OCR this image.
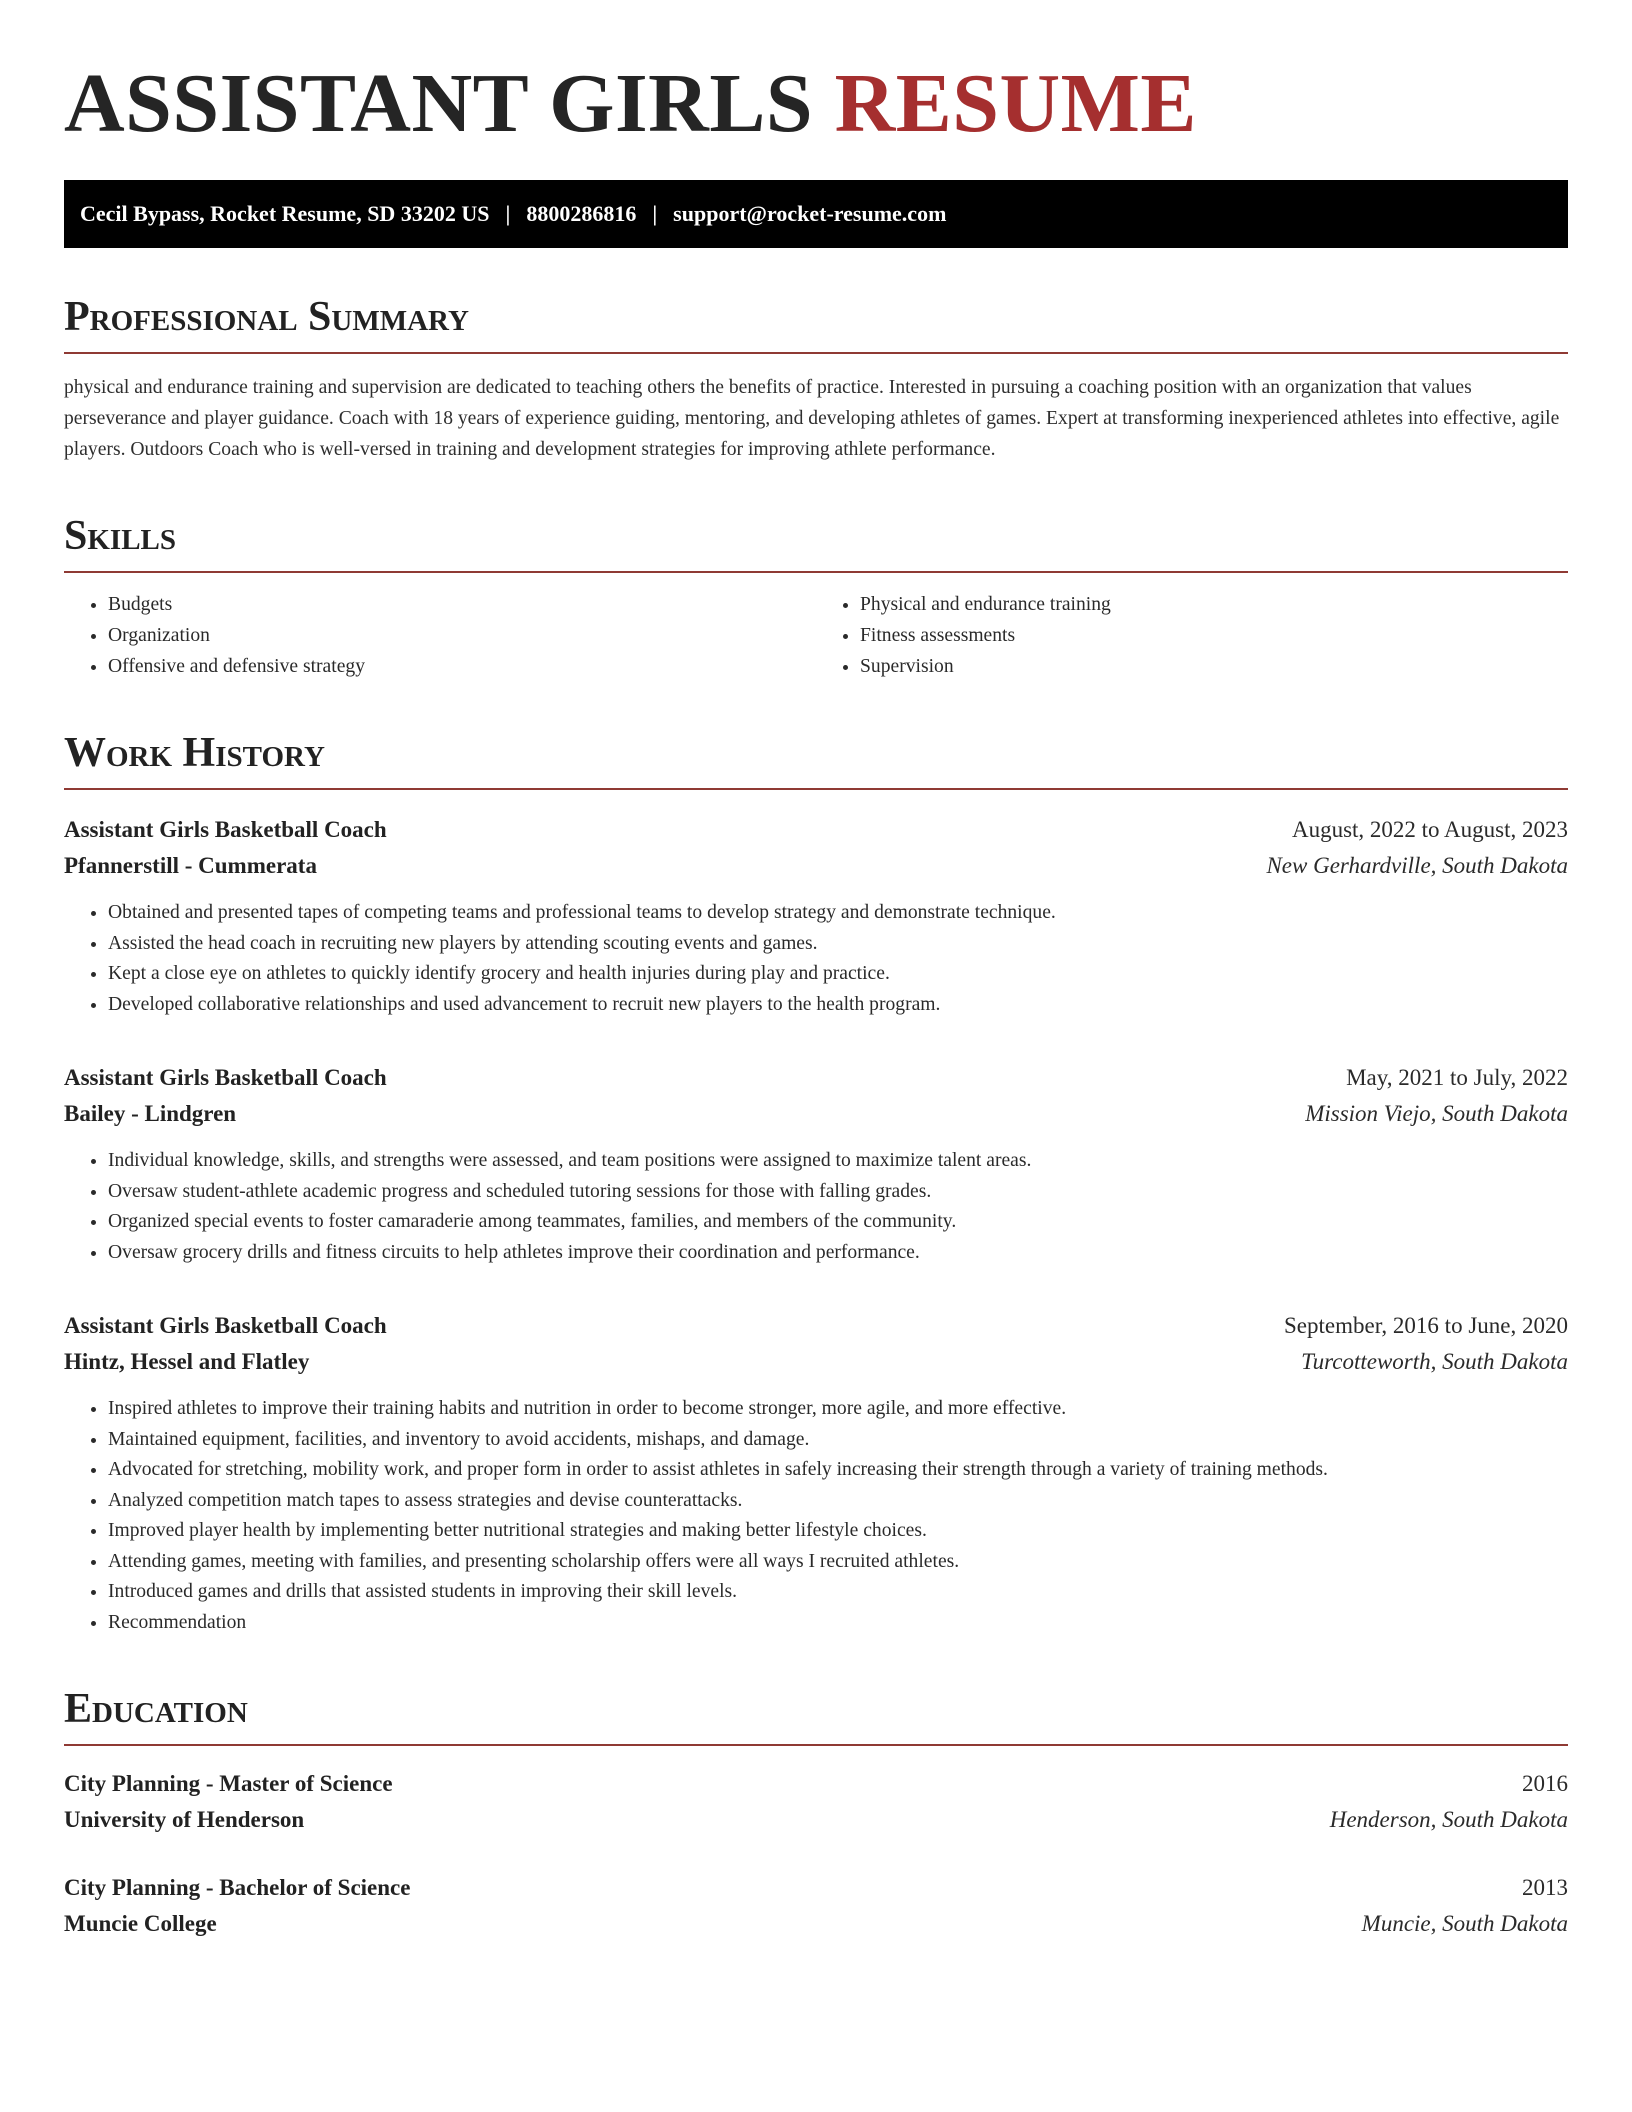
ASSISTANT GIRLS RESUME
Cecil Bypass, Rocket Resume, SD 33202 US | 8800286816 | support@rocket-resume.com
Professional Summary

physical and endurance training and supervision are dedicated to teaching others the benefits of practice. Interested in pursuing a coaching position with an organization that values perseverance and player guidance. Coach with 18 years of experience guiding, mentoring, and developing athletes of games. Expert at transforming inexperienced athletes into effective, agile players. Outdoors Coach who is well-versed in training and development strategies for improving athlete performance.

Skills
• Budgets
• Organization
• Offensive and defensive strategy
• Physical and endurance training
• Fitness assessments
• Supervision
Work History
Assistant Girls Basketball Coach	August, 2022 to August, 2023
Pfannerstill - Cummerata	New Gerhardville, South Dakota
• Obtained and presented tapes of competing teams and professional teams to develop strategy and demonstrate technique.
• Assisted the head coach in recruiting new players by attending scouting events and games.
• Kept a close eye on athletes to quickly identify grocery and health injuries during play and practice.
• Developed collaborative relationships and used advancement to recruit new players to the health program.
Assistant Girls Basketball Coach	May, 2021 to July, 2022
Bailey - Lindgren	Mission Viejo, South Dakota
• Individual knowledge, skills, and strengths were assessed, and team positions were assigned to maximize talent areas.
• Oversaw student-athlete academic progress and scheduled tutoring sessions for those with falling grades.
• Organized special events to foster camaraderie among teammates, families, and members of the community.
• Oversaw grocery drills and fitness circuits to help athletes improve their coordination and performance.
Assistant Girls Basketball Coach	September, 2016 to June, 2020
Hintz, Hessel and Flatley	Turcotteworth, South Dakota
• Inspired athletes to improve their training habits and nutrition in order to become stronger, more agile, and more effective.
• Maintained equipment, facilities, and inventory to avoid accidents, mishaps, and damage.
• Advocated for stretching, mobility work, and proper form in order to assist athletes in safely increasing their strength through a variety of training methods.
• Analyzed competition match tapes to assess strategies and devise counterattacks.
• Improved player health by implementing better nutritional strategies and making better lifestyle choices.
• Attending games, meeting with families, and presenting scholarship offers were all ways I recruited athletes.
• Introduced games and drills that assisted students in improving their skill levels.
• Recommendation
Education
City Planning - Master of Science	2016
University of Henderson	Henderson, South Dakota
City Planning - Bachelor of Science	2013
Muncie College	Muncie, South Dakota
